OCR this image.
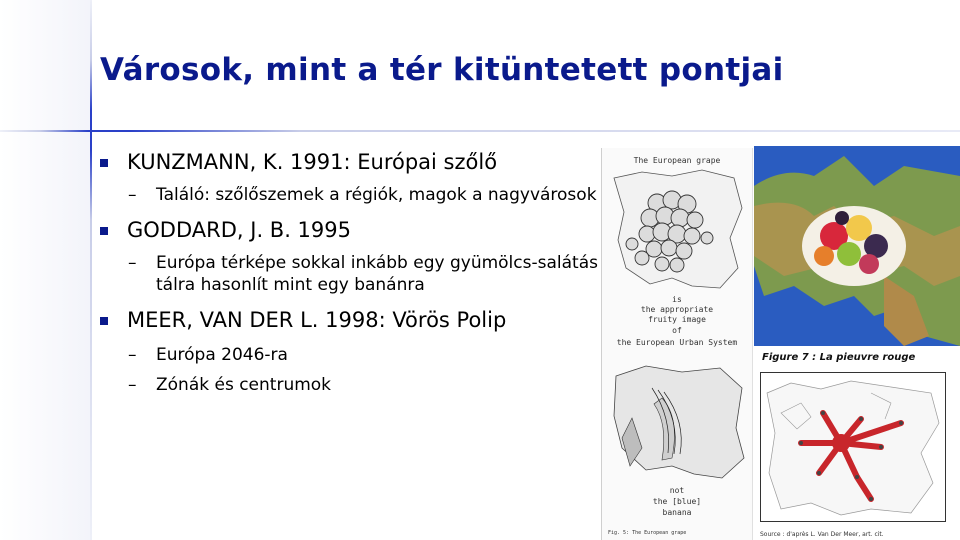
Városok, mint a tér kitüntetett pontjai
KUNZMANN, K. 1991: Európai szőlő
– Találó: szőlőszemek a régiók, magok a nagyvárosok
GODDARD, J. B. 1995
– Európa térképe sokkal inkább egy gyümölcs-salátás tálra hasonlít mint egy banánra
MEER, VAN DER L. 1998: Vörös Polip
– Európa 2046-ra
– Zónák és centrumok
The European grape
is
the appropriate
fruity image
of
the European Urban System
not
the [blue]
banana
Fig. 5: The European grape
Figure 7 : La pieuvre rouge
Source : d'après L. Van Der Meer, art. cit.
